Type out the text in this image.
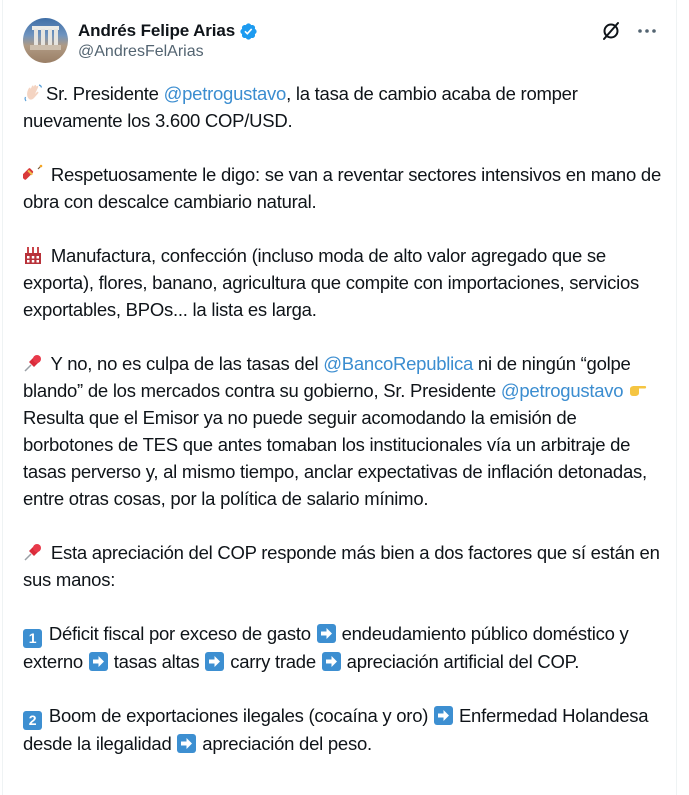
Andrés Felipe Arias
@AndresFelArias

Sr. Presidente @petrogustavo, la tasa de cambio acaba de romper nuevamente los 3.600 COP/USD.

Respetuosamente le digo: se van a reventar sectores intensivos en mano de obra con descalce cambiario natural.

Manufactura, confección (incluso moda de alto valor agregado que se exporta), flores, banano, agricultura que compite con importaciones, servicios exportables, BPOs... la lista es larga.

Y no, no es culpa de las tasas del @BancoRepublica ni de ningún “golpe blando” de los mercados contra su gobierno, Sr. Presidente @petrogustavo  Resulta que el Emisor ya no puede seguir acomodando la emisión de borbotones de TES que antes tomaban los institucionales vía un arbitraje de tasas perverso y, al mismo tiempo, anclar expectativas de inflación detonadas, entre otras cosas, por la política de salario mínimo.

Esta apreciación del COP responde más bien a dos factores que sí están en sus manos:

1 Déficit fiscal por exceso de gasto
endeudamiento público doméstico y externo
tasas altas
carry trade
apreciación artificial del COP.

2 Boom de exportaciones ilegales (cocaína y oro)
Enfermedad Holandesa desde la ilegalidad
apreciación del peso.
